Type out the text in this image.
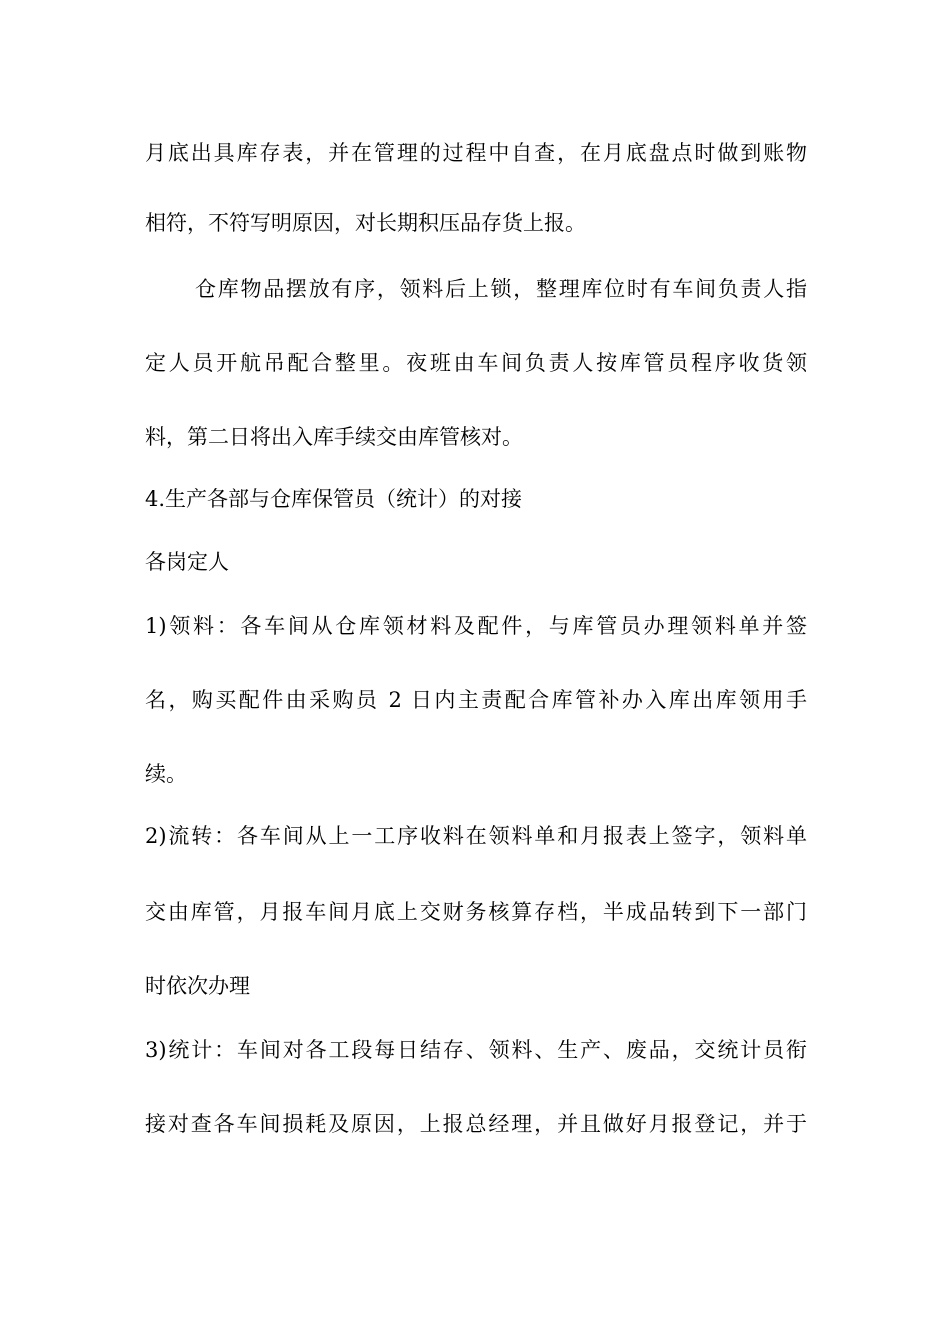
月底出具库存表，并在管理的过程中自查，在月底盘点时做到账物
相符，不符写明原因，对长期积压品存货上报。
仓库物品摆放有序，领料后上锁，整理库位时有车间负责人指
定人员开航吊配合整里。夜班由车间负责人按库管员程序收货领
料，第二日将出入库手续交由库管核对。
4.生产各部与仓库保管员（统计）的对接
各岗定人
1)领料：各车间从仓库领材料及配件，与库管员办理领料单并签
名，购买配件由采购员 2 日内主责配合库管补办入库出库领用手
续。
2)流转：各车间从上一工序收料在领料单和月报表上签字，领料单
交由库管，月报车间月底上交财务核算存档，半成品转到下一部门
时依次办理
3)统计：车间对各工段每日结存、领料、生产、废品，交统计员衔
接对查各车间损耗及原因，上报总经理，并且做好月报登记，并于
